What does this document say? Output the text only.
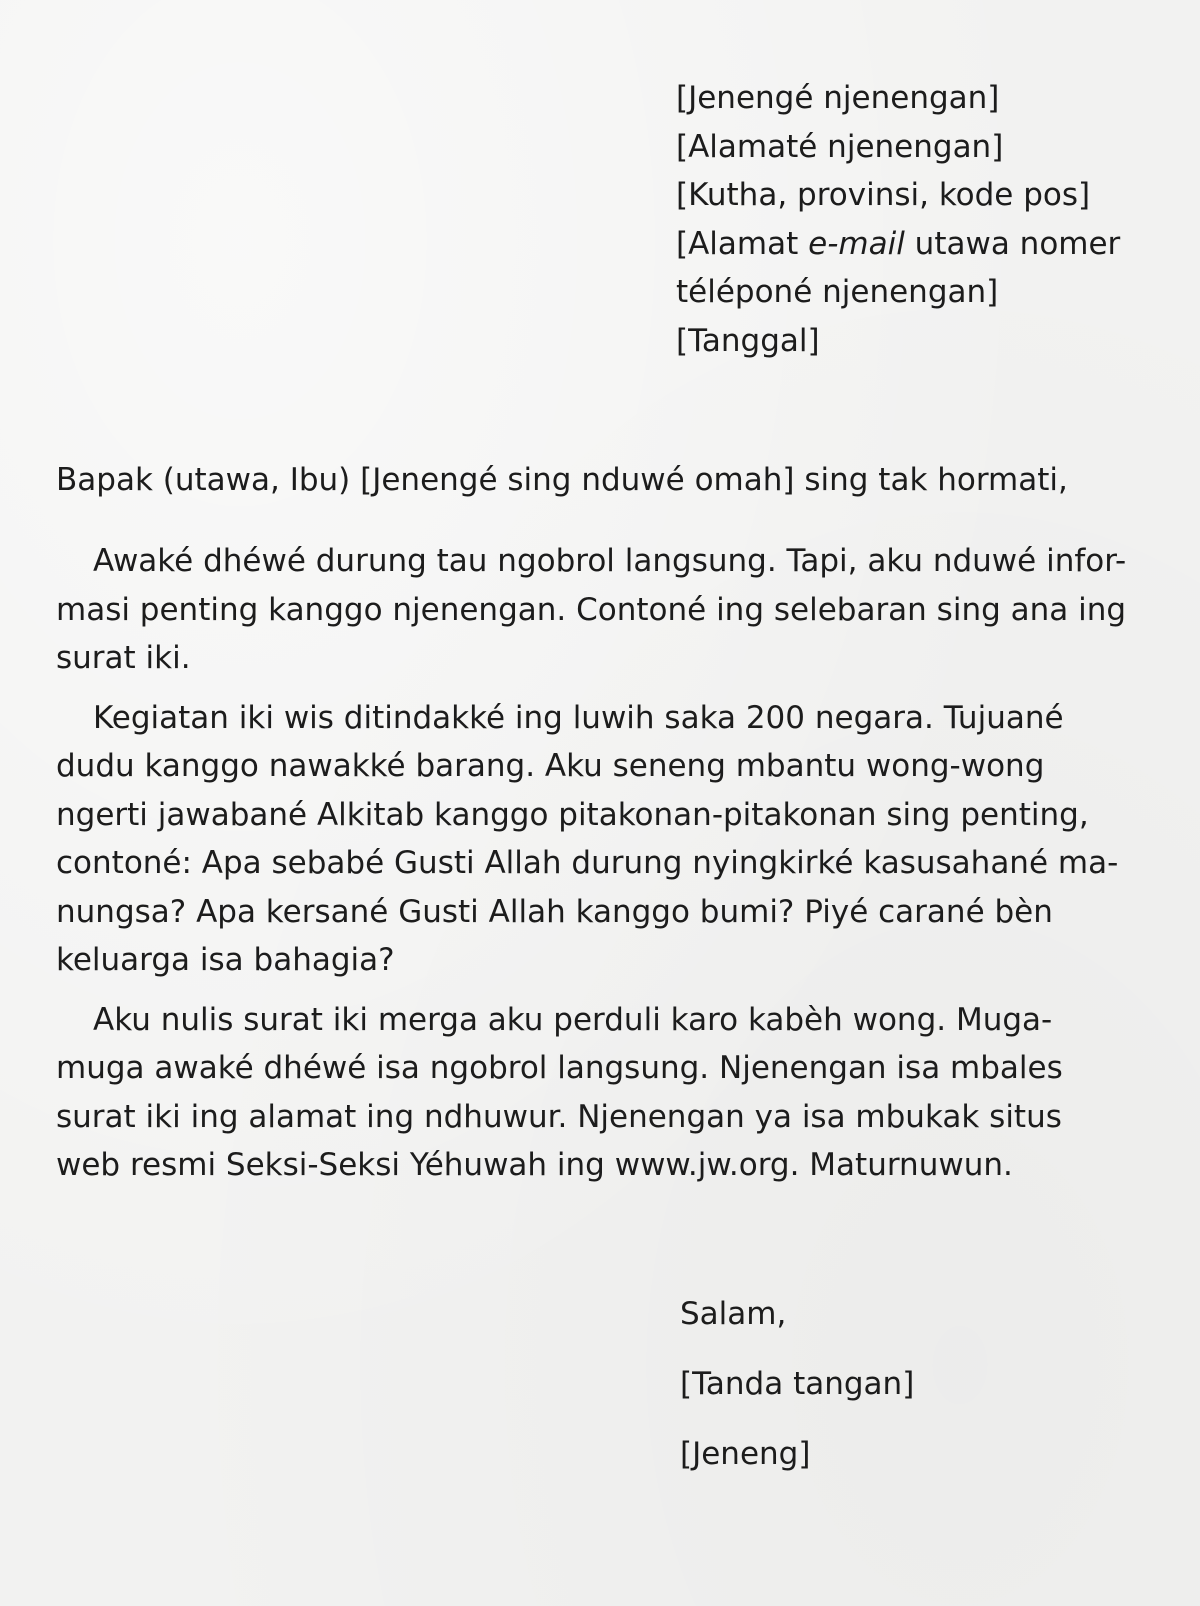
[Jenengé njenengan]
[Alamaté njenengan]
[Kutha, provinsi, kode pos]
[Alamat e-mail utawa nomer
téléponé njenengan]
[Tanggal]
Bapak (utawa, Ibu) [Jenengé sing nduwé omah] sing tak hormati,
Awaké dhéwé durung tau ngobrol langsung. Tapi, aku nduwé infor-
masi penting kanggo njenengan. Contoné ing selebaran sing ana ing
surat iki.
Kegiatan iki wis ditindakké ing luwih saka 200 negara. Tujuané
dudu kanggo nawakké barang. Aku seneng mbantu wong-wong
ngerti jawabané Alkitab kanggo pitakonan-pitakonan sing penting,
contoné: Apa sebabé Gusti Allah durung nyingkirké kasusahané ma-
nungsa? Apa kersané Gusti Allah kanggo bumi? Piyé carané bèn
keluarga isa bahagia?
Aku nulis surat iki merga aku perduli karo kabèh wong. Muga-
muga awaké dhéwé isa ngobrol langsung. Njenengan isa mbales
surat iki ing alamat ing ndhuwur. Njenengan ya isa mbukak situs
web resmi Seksi-Seksi Yéhuwah ing www.jw.org. Maturnuwun.
Salam,
[Tanda tangan]
[Jeneng]
